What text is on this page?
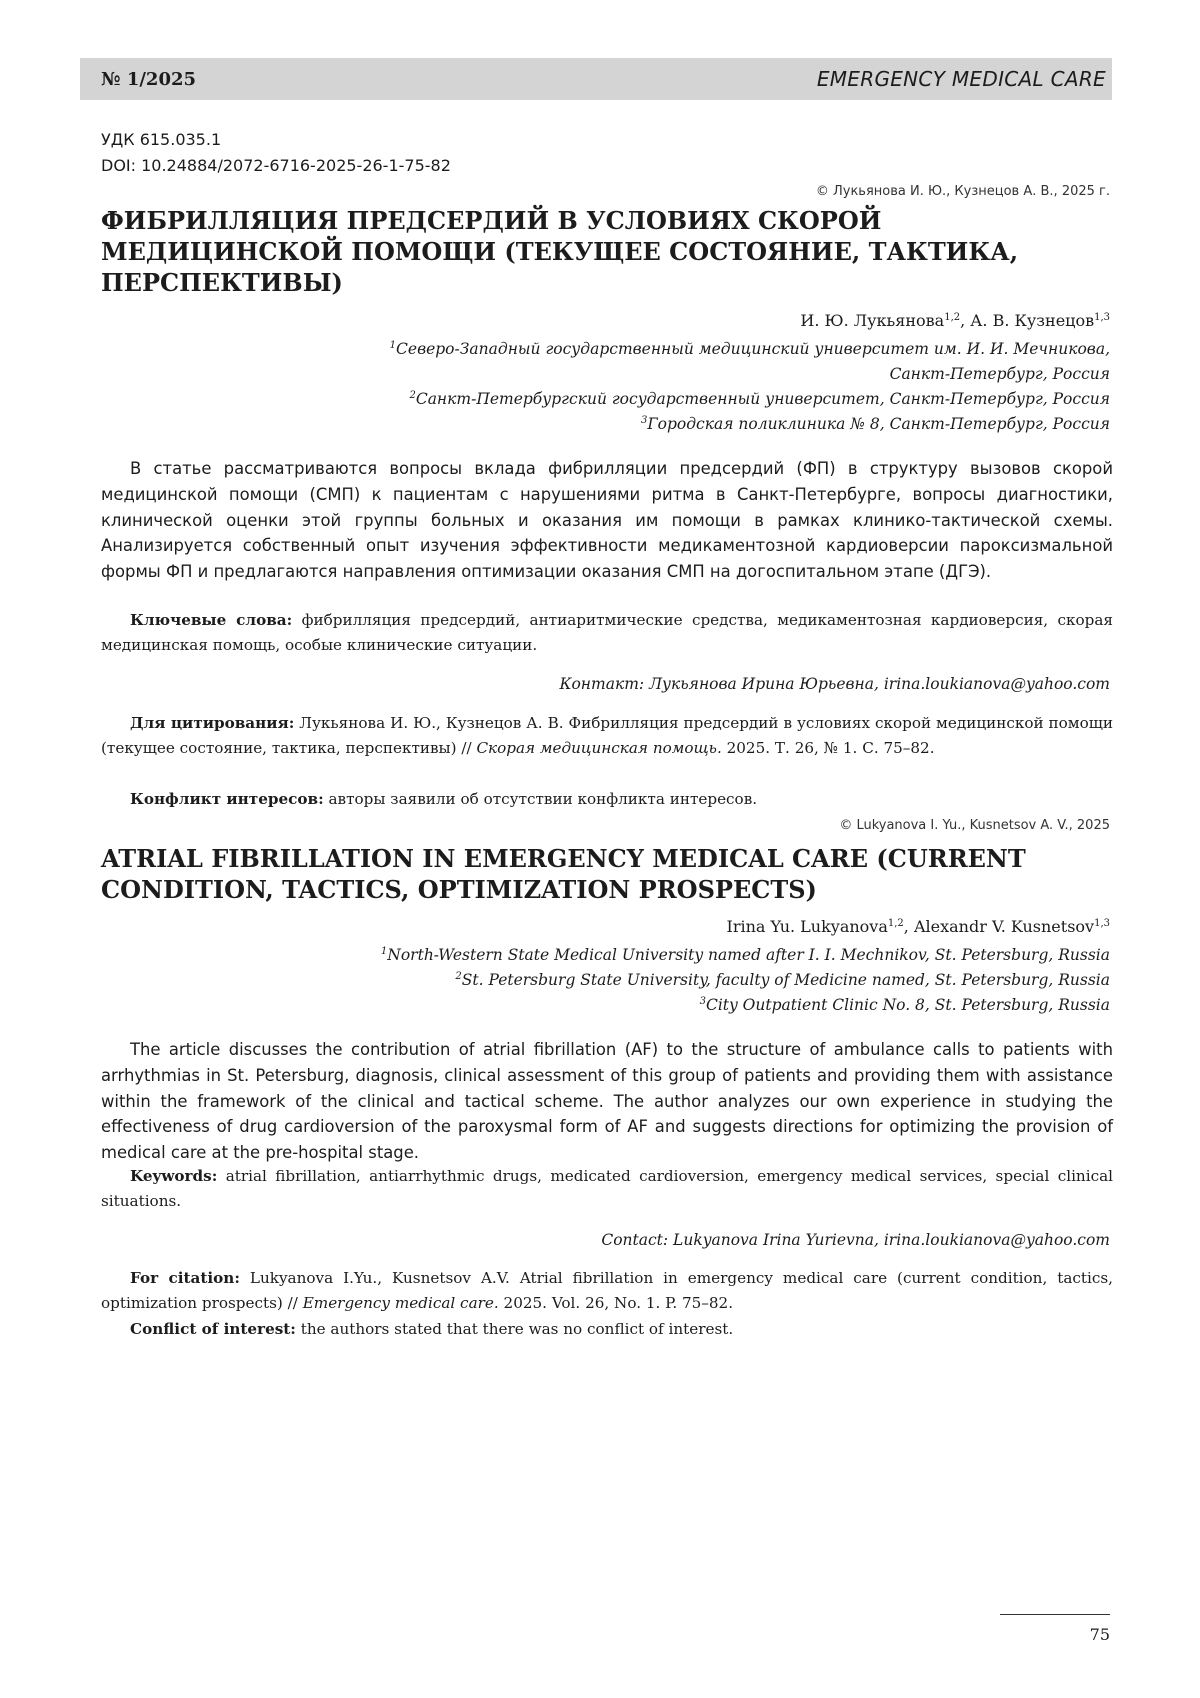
№ 1/2025	EMERGENCY MEDICAL CARE
УДК 615.035.1
DOI: 10.24884/2072-6716-2025-26-1-75-82
© Лукьянова И. Ю., Кузнецов А. В., 2025 г.
ФИБРИЛЛЯЦИЯ ПРЕДСЕРДИЙ В УСЛОВИЯХ СКОРОЙ
МЕДИЦИНСКОЙ ПОМОЩИ (ТЕКУЩЕЕ СОСТОЯНИЕ, ТАКТИКА,
ПЕРСПЕКТИВЫ)
И. Ю. Лукьянова1,2, А. В. Кузнецов1,3
1Северо-Западный государственный медицинский университет им. И. И. Мечникова,
Санкт-Петербург, Россия
2Санкт-Петербургский государственный университет, Санкт-Петербург, Россия
3Городская поликлиника № 8, Санкт-Петербург, Россия

В статье рассматриваются вопросы вклада фибрилляции предсердий (ФП) в структуру вызовов скорой медицинской помощи (СМП) к пациентам с нарушениями ритма в Санкт-Петербурге, вопросы диагностики, клинической оценки этой группы больных и оказания им помощи в рамках клинико-тактической схемы. Анализируется собственный опыт изучения эффективности медикаментозной кардиоверсии пароксизмальной формы ФП и предлагаются направления оптимизации оказания СМП на догоспитальном этапе (ДГЭ).

Ключевые слова: фибрилляция предсердий, антиаритмические средства, медикаментозная кардиоверсия, скорая медицинская помощь, особые клинические ситуации.

Контакт: Лукьянова Ирина Юрьевна, irina.loukianova@yahoo.com

Для цитирования: Лукьянова И. Ю., Кузнецов А. В. Фибрилляция предсердий в условиях скорой медицинской помощи (текущее состояние, тактика, перспективы) // Скорая медицинская помощь. 2025. Т. 26, № 1. С. 75–82.

Конфликт интересов: авторы заявили об отсутствии конфликта интересов.

© Lukyanova I. Yu., Kusnetsov A. V., 2025
ATRIAL FIBRILLATION IN EMERGENCY MEDICAL CARE (CURRENT
CONDITION, TACTICS, OPTIMIZATION PROSPECTS)
Irina Yu. Lukyanova1,2, Alexandr V. Kusnetsov1,3
1North-Western State Medical University named after I. I. Mechnikov, St. Petersburg, Russia
2St. Petersburg State University, faculty of Medicine named, St. Petersburg, Russia
3City Outpatient Clinic No. 8, St. Petersburg, Russia

The article discusses the contribution of atrial fibrillation (AF) to the structure of ambulance calls to patients with arrhythmias in St. Petersburg, diagnosis, clinical assessment of this group of patients and providing them with assistance within the framework of the clinical and tactical scheme. The author analyzes our own experience in studying the effectiveness of drug cardioversion of the paroxysmal form of AF and suggests directions for optimizing the provision of medical care at the pre-hospital stage.

Keywords: atrial fibrillation, antiarrhythmic drugs, medicated cardioversion, emergency medical services, special clinical situations.

Contact: Lukyanova Irina Yurievna, irina.loukianova@yahoo.com

For citation: Lukyanova I.Yu., Kusnetsov A.V. Atrial fibrillation in emergency medical care (current condition, tactics, optimization prospects) // Emergency medical care. 2025. Vol. 26, No. 1. P. 75–82.

Conflict of interest: the authors stated that there was no conflict of interest.

75
